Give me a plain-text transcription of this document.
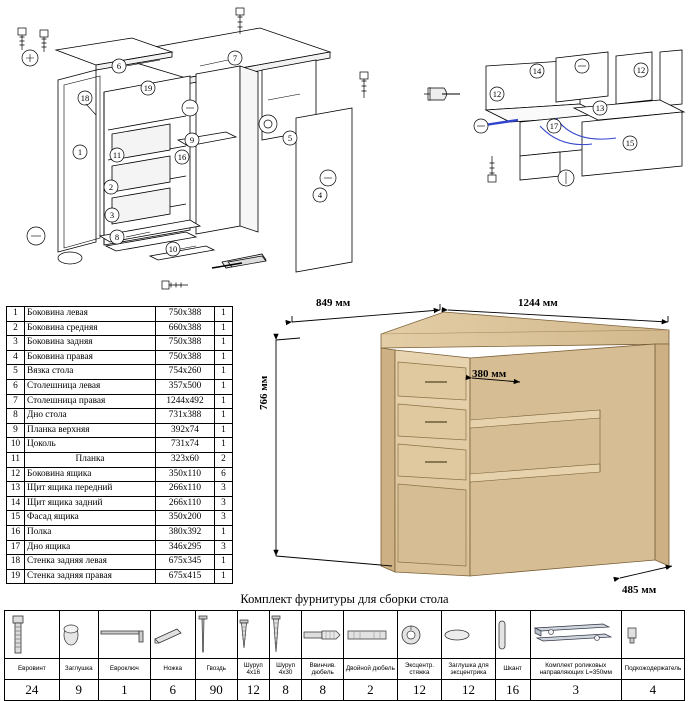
6
7
19
18
1	11	16
2
3
9	5
4
8
10
14
12
12
13
15
17
849 мм	1244 мм
766 мм
380 мм
485 мм
1	Боковина левая	750x388	1
2	Боковина средняя	660x388	1
3	Боковина задняя	750x388	1
4	Боковина правая	750x388	1
5	Вязка стола	754x260	1
6	Столешница левая	357x500	1
7	Столешница правая	1244x492	1
8	Дно стола	731x388	1
9	Планка верхняя	392x74	1
10	Цоколь	731x74	1
11	Планка	323x60	2
12	Боковина ящика	350x110	6
13	Щит ящика передний	266x110	3
14	Щит ящика задний	266x110	3
15	Фасад ящика	350x200	3
16	Полка	380x392	1
17	Дно ящика	346x295	3
18	Стенка задняя левая	675x345	1
19	Стенка задняя правая	675x415	1
Комплект фурнитуры для сборки стола

Евровинт	Заглушка	Евроключ	Ножка	Гвоздь	Шуруп 4х16	Шуруп 4х30	Ввинчив. дюбель	Двойной дюбель	Эксцентр. стяжка	Заглушка для эксцентрика	Шкант	Комплект роликовых направляющих L=350мм	Подкожодержатель
24	9	1	6	90	12	8	8	2	12	12	16	3	4
